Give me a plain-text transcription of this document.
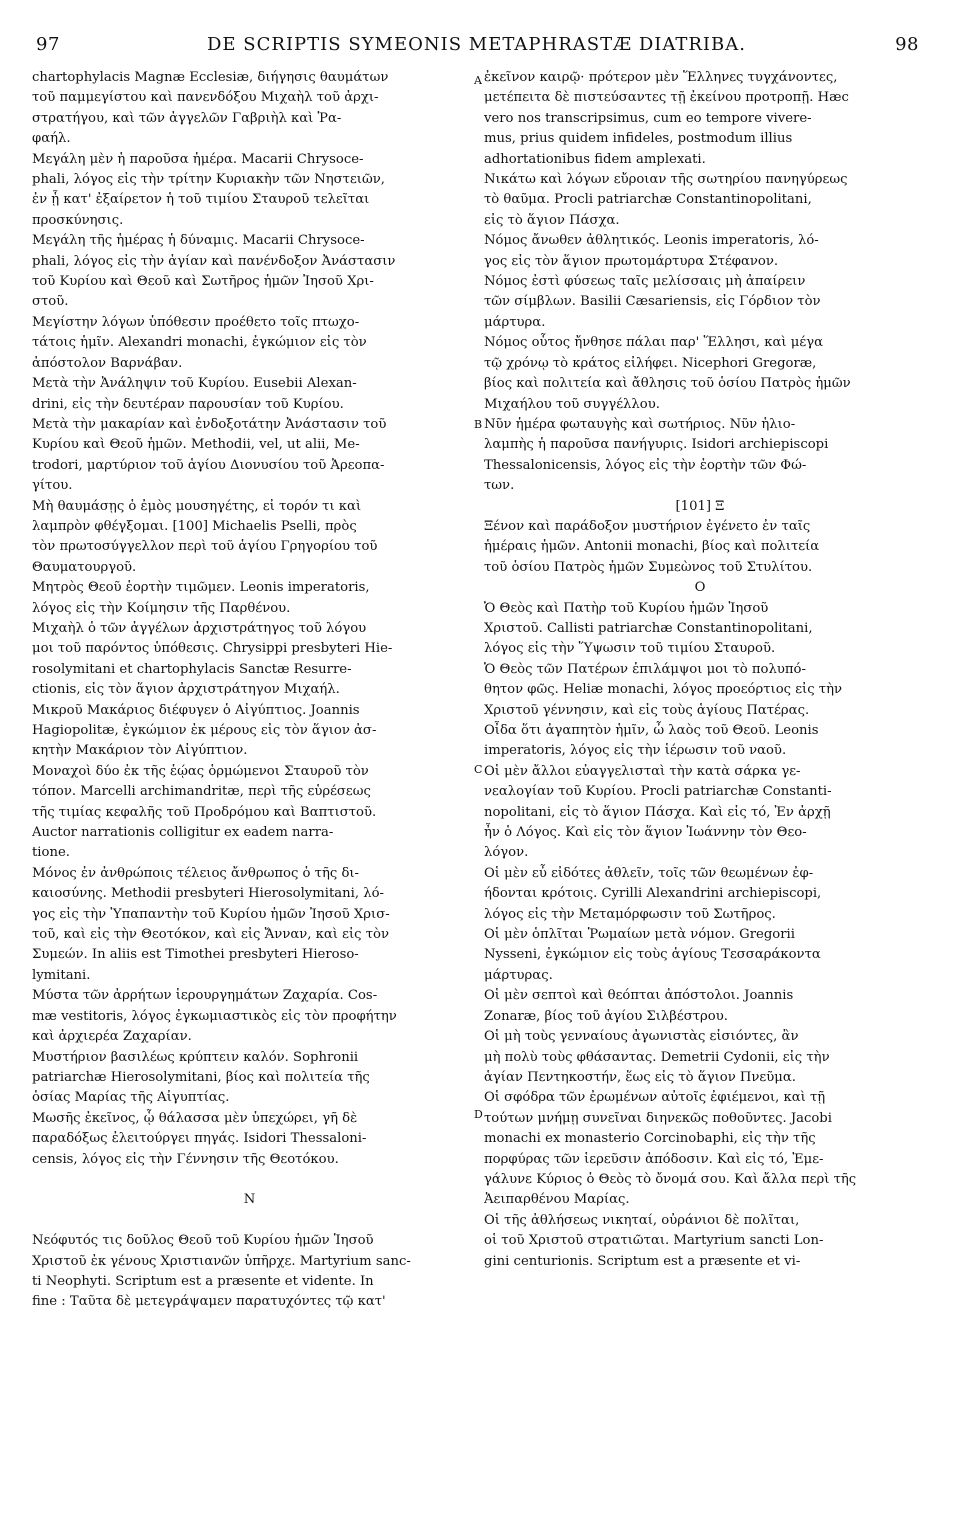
97	DE SCRIPTIS SYMEONIS METAPHRASTÆ DIATRIBA.	98
A
B
C
D
chartophylacis Magnæ Ecclesiæ, διήγησις θαυμάτων
τοῦ παμμεγίστου καὶ πανενδόξου Μιχαὴλ τοῦ ἀρχι-
στρατήγου, καὶ τῶν ἀγγελῶν Γαβριὴλ καὶ Ῥα-
φαήλ.
Μεγάλη μὲν ἡ παροῦσα ἡμέρα. Macarii Chrysoce-
phali, λόγος εἰς τὴν τρίτην Κυριακὴν τῶν Νηστειῶν,
ἐν ᾗ κατ' ἐξαίρετον ἡ τοῦ τιμίου Σταυροῦ τελεῖται
προσκύνησις.
Μεγάλη τῆς ἡμέρας ἡ δύναμις. Macarii Chrysoce-
phali, λόγος εἰς τὴν ἁγίαν καὶ πανένδοξον Ἀνάστασιν
τοῦ Κυρίου καὶ Θεοῦ καὶ Σωτῆρος ἡμῶν Ἰησοῦ Χρι-
στοῦ.
Μεγίστην λόγων ὑπόθεσιν προέθετο τοῖς πτωχο-
τάτοις ἡμῖν. Alexandri monachi, ἐγκώμιον εἰς τὸν
ἀπόστολον Βαρνάβαν.
Μετὰ τὴν Ἀνάληψιν τοῦ Κυρίου. Eusebii Alexan-
drini, εἰς τὴν δευτέραν παρουσίαν τοῦ Κυρίου.
Μετὰ τὴν μακαρίαν καὶ ἐνδοξοτάτην Ἀνάστασιν τοῦ
Κυρίου καὶ Θεοῦ ἡμῶν. Methodii, vel, ut alii, Me-
trodori, μαρτύριον τοῦ ἁγίου Διονυσίου τοῦ Ἀρεοπα-
γίτου.
Μὴ θαυμάσῃς ὁ ἐμὸς μουσηγέτης, εἰ τορόν τι καὶ
λαμπρὸν φθέγξομαι. [100] Michaelis Pselli, πρὸς
τὸν πρωτοσύγγελλον περὶ τοῦ ἁγίου Γρηγορίου τοῦ
Θαυματουργοῦ.
Μητρὸς Θεοῦ ἑορτὴν τιμῶμεν. Leonis imperatoris,
λόγος εἰς τὴν Κοίμησιν τῆς Παρθένου.
Μιχαὴλ ὁ τῶν ἀγγέλων ἀρχιστράτηγος τοῦ λόγου
μοι τοῦ παρόντος ὑπόθεσις. Chrysippi presbyteri Hie-
rosolymitani et chartophylacis Sanctæ Resurre-
ctionis, εἰς τὸν ἅγιον ἀρχιστράτηγον Μιχαήλ.
Μικροῦ Μακάριος διέφυγεν ὁ Αἰγύπτιος. Joannis
Hagiopolitæ, ἐγκώμιον ἐκ μέρους εἰς τὸν ἅγιον ἀσ-
κητὴν Μακάριον τὸν Αἰγύπτιον.
Μοναχοὶ δύο ἐκ τῆς ἑῴας ὁρμώμενοι Σταυροῦ τὸν
τόπον. Marcelli archimandritæ, περὶ τῆς εὑρέσεως
τῆς τιμίας κεφαλῆς τοῦ Προδρόμου καὶ Βαπτιστοῦ.
Auctor narrationis colligitur ex eadem narra-
tione.
Μόνος ἐν ἀνθρώποις τέλειος ἄνθρωπος ὁ τῆς δι-
καιοσύνης. Methodii presbyteri Hierosolymitani, λό-
γος εἰς τὴν Ὑπαπαντὴν τοῦ Κυρίου ἡμῶν Ἰησοῦ Χρισ-
τοῦ, καὶ εἰς τὴν Θεοτόκον, καὶ εἰς Ἄνναν, καὶ εἰς τὸν
Συμεών. In aliis est Timothei presbyteri Hieroso-
lymitani.
Μύστα τῶν ἀρρήτων ἱερουργημάτων Ζαχαρία. Cos-
mæ vestitoris, λόγος ἐγκωμιαστικὸς εἰς τὸν προφήτην
καὶ ἀρχιερέα Ζαχαρίαν.
Μυστήριον βασιλέως κρύπτειν καλόν. Sophronii
patriarchæ Hierosolymitani, βίος καὶ πολιτεία τῆς
ὁσίας Μαρίας τῆς Αἰγυπτίας.
Μωσῆς ἐκεῖνος, ᾧ θάλασσα μὲν ὑπεχώρει, γῆ δὲ
παραδόξως ἐλειτούργει πηγάς. Isidori Thessaloni-
censis, λόγος εἰς τὴν Γέννησιν τῆς Θεοτόκου.

N

Νεόφυτός τις δοῦλος Θεοῦ τοῦ Κυρίου ἡμῶν Ἰησοῦ
Χριστοῦ ἐκ γένους Χριστιανῶν ὑπῆρχε. Martyrium sanc-
ti Neophyti. Scriptum est a præsente et vidente. In
fine : Ταῦτα δὲ μετεγράψαμεν παρατυχόντες τῷ κατ'
ἐκεῖνον καιρῷ· πρότερον μὲν Ἕλληνες τυγχάνοντες,
μετέπειτα δὲ πιστεύσαντες τῇ ἐκείνου προτροπῇ. Hæc
vero nos transcripsimus, cum eo tempore vivere-
mus, prius quidem infideles, postmodum illius
adhortationibus fidem amplexati.
Νικάτω καὶ λόγων εὔροιαν τῆς σωτηρίου πανηγύρεως
τὸ θαῦμα. Procli patriarchæ Constantinopolitani,
εἰς τὸ ἅγιον Πάσχα.
Νόμος ἄνωθεν ἀθλητικός. Leonis imperatoris, λό-
γος εἰς τὸν ἅγιον πρωτομάρτυρα Στέφανον.
Νόμος ἐστὶ φύσεως ταῖς μελίσσαις μὴ ἀπαίρειν
τῶν σίμβλων. Basilii Cæsariensis, εἰς Γόρδιον τὸν
μάρτυρα.
Νόμος οὗτος ἤνθησε πάλαι παρ' Ἕλλησι, καὶ μέγα
τῷ χρόνῳ τὸ κράτος εἰλήφει. Nicephori Gregoræ,
βίος καὶ πολιτεία καὶ ἄθλησις τοῦ ὁσίου Πατρὸς ἡμῶν
Μιχαήλου τοῦ συγγέλλου.
Νῦν ἡμέρα φωταυγὴς καὶ σωτήριος. Νῦν ἡλιο-
λαμπὴς ἡ παροῦσα πανήγυρις. Isidori archiepiscopi
Thessalonicensis, λόγος εἰς τὴν ἑορτὴν τῶν Φώ-
των.
[101] Ξ
Ξένον καὶ παράδοξον μυστήριον ἐγένετο ἐν ταῖς
ἡμέραις ἡμῶν. Antonii monachi, βίος καὶ πολιτεία
τοῦ ὁσίου Πατρὸς ἡμῶν Συμεὼνος τοῦ Στυλίτου.
O
Ὁ Θεὸς καὶ Πατὴρ τοῦ Κυρίου ἡμῶν Ἰησοῦ
Χριστοῦ. Callisti patriarchæ Constantinopolitani,
λόγος εἰς τὴν Ὕψωσιν τοῦ τιμίου Σταυροῦ.
Ὁ Θεὸς τῶν Πατέρων ἐπιλάμψοι μοι τὸ πολυπό-
θητον φῶς. Heliæ monachi, λόγος προεόρτιος εἰς τὴν
Χριστοῦ γέννησιν, καὶ εἰς τοὺς ἁγίους Πατέρας.
Οἶδα ὅτι ἀγαπητὸν ἡμῖν, ὦ λαὸς τοῦ Θεοῦ. Leonis
imperatoris, λόγος εἰς τὴν ἱέρωσιν τοῦ ναοῦ.
Οἱ μὲν ἄλλοι εὐαγγελισταὶ τὴν κατὰ σάρκα γε-
νεαλογίαν τοῦ Κυρίου. Procli patriarchæ Constanti-
nopolitani, εἰς τὸ ἅγιον Πάσχα. Καὶ εἰς τό, Ἐν ἀρχῇ
ἦν ὁ Λόγος. Καὶ εἰς τὸν ἅγιον Ἰωάννην τὸν Θεο-
λόγον.
Οἱ μὲν εὖ εἰδότες ἀθλεῖν, τοῖς τῶν θεωμένων ἐφ-
ήδονται κρότοις. Cyrilli Alexandrini archiepiscopi,
λόγος εἰς τὴν Μεταμόρφωσιν τοῦ Σωτῆρος.
Οἱ μὲν ὁπλῖται Ῥωμαίων μετὰ νόμον. Gregorii
Nysseni, ἐγκώμιον εἰς τοὺς ἁγίους Τεσσαράκοντα
μάρτυρας.
Οἱ μὲν σεπτοὶ καὶ θεόπται ἀπόστολοι. Joannis
Zonaræ, βίος τοῦ ἁγίου Σιλβέστρου.
Οἱ μὴ τοὺς γενναίους ἀγωνιστὰς εἰσιόντες, ἂν
μὴ πολὺ τοὺς φθάσαντας. Demetrii Cydonii, εἰς τὴν
ἁγίαν Πεντηκοστήν, ἕως εἰς τὸ ἅγιον Πνεῦμα.
Οἱ σφόδρα τῶν ἐρωμένων αὐτοῖς ἐφιέμενοι, καὶ τῇ
τούτων μνήμῃ συνεῖναι διηνεκῶς ποθοῦντες. Jacobi
monachi ex monasterio Corcinobaphi, εἰς τὴν τῆς
πορφύρας τῶν ἱερεῦσιν ἀπόδοσιν. Καὶ εἰς τό, Ἐμε-
γάλυνε Κύριος ὁ Θεὸς τὸ ὄνομά σου. Καὶ ἄλλα περὶ τῆς
Ἀειπαρθένου Μαρίας.
Οἱ τῆς ἀθλήσεως νικηταί, οὐράνιοι δὲ πολῖται,
οἱ τοῦ Χριστοῦ στρατιῶται. Martyrium sancti Lon-
gini centurionis. Scriptum est a præsente et vi-
